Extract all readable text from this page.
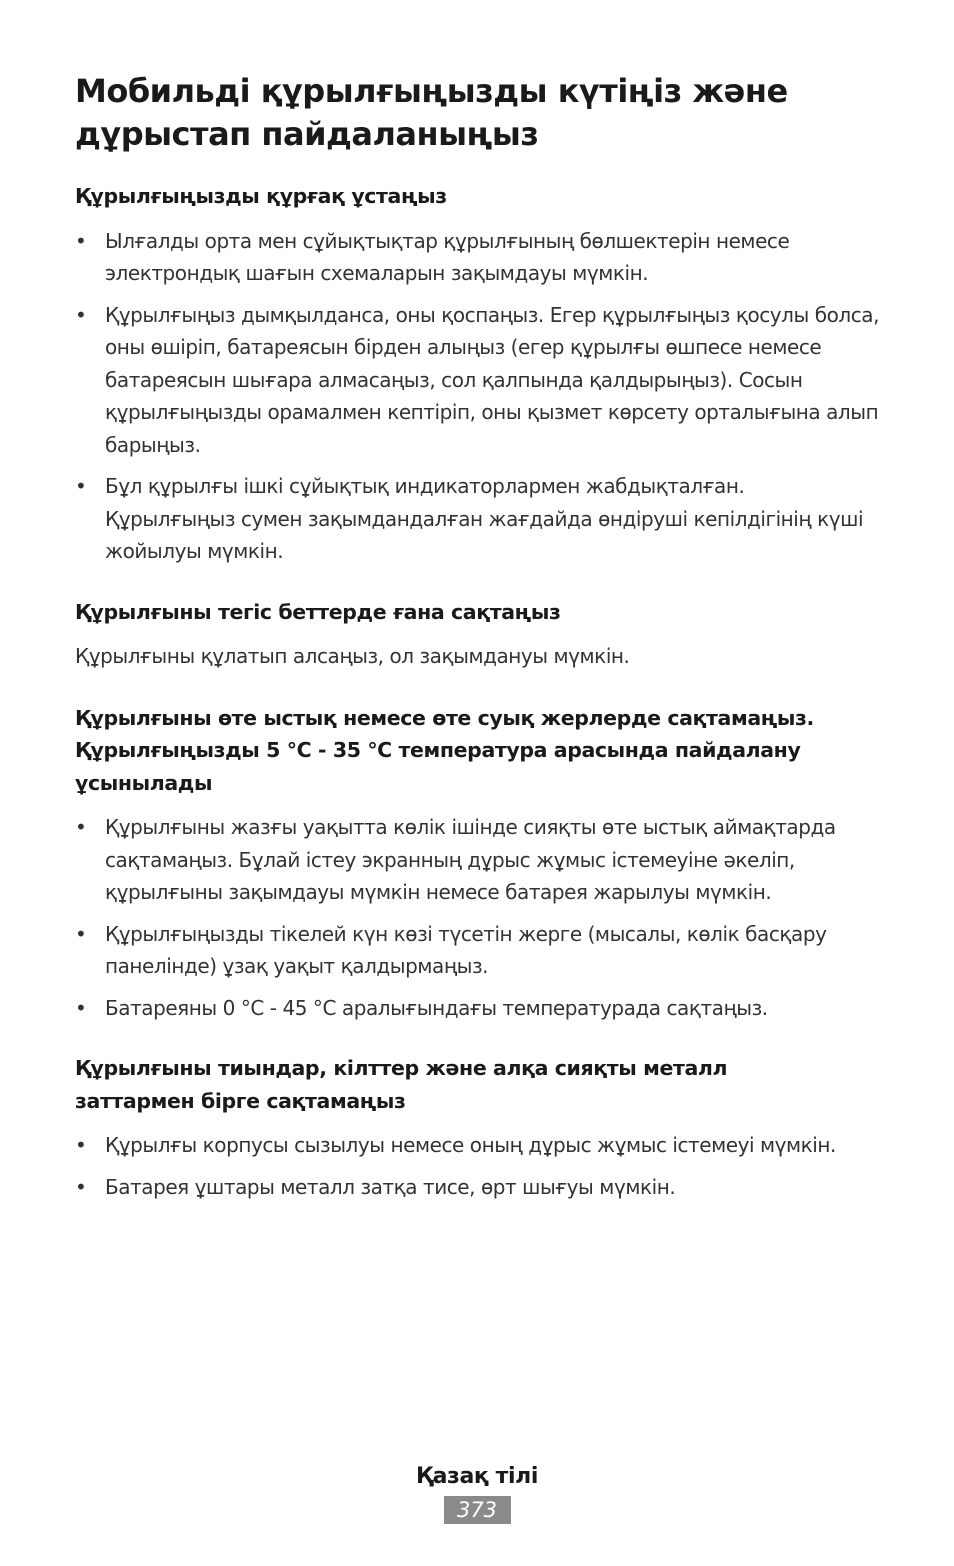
Мобильді құрылғыңызды күтіңіз және
дұрыстап пайдаланыңыз
Құрылғыңызды құрғақ ұстаңыз
• Ылғалды орта мен сұйықтықтар құрылғының бөлшектерін немесе электрондық шағын схемаларын зақымдауы мүмкін.
• Құрылғыңыз дымқылданса, оны қоспаңыз. Егер құрылғыңыз қосулы болса, оны өшіріп, батареясын бірден алыңыз (егер құрылғы өшпесе немесе батареясын шығара алмасаңыз, сол қалпында қалдырыңыз). Сосын құрылғыңызды орамалмен кептіріп, оны қызмет көрсету орталығына алып барыңыз.
• Бұл құрылғы ішкі сұйықтық индикаторлармен жабдықталған. Құрылғыңыз сумен зақымдандалған жағдайда өндіруші кепілдігінің күші жойылуы мүмкін.
Құрылғыны тегіс беттерде ғана сақтаңыз

Құрылғыны құлатып алсаңыз, ол зақымдануы мүмкін.

Құрылғыны өте ыстық немесе өте суық жерлерде сақтамаңыз.
Құрылғыңызды 5 °C - 35 °C температура арасында пайдалану
ұсынылады
• Құрылғыны жазғы уақытта көлік ішінде сияқты өте ыстық аймақтарда сақтамаңыз. Бұлай істеу экранның дұрыс жұмыс істемеуіне әкеліп, құрылғыны зақымдауы мүмкін немесе батарея жарылуы мүмкін.
• Құрылғыңызды тікелей күн көзі түсетін жерге (мысалы, көлік басқару панелінде) ұзақ уақыт қалдырмаңыз.
• Батареяны 0 °C - 45 °C аралығындағы температурада сақтаңыз.
Құрылғыны тиындар, кілттер және алқа сияқты металл
заттармен бірге сақтамаңыз
• Құрылғы корпусы сызылуы немесе оның дұрыс жұмыс істемеуі мүмкін.
• Батарея ұштары металл затқа тисе, өрт шығуы мүмкін.
Қазақ тілі
373
